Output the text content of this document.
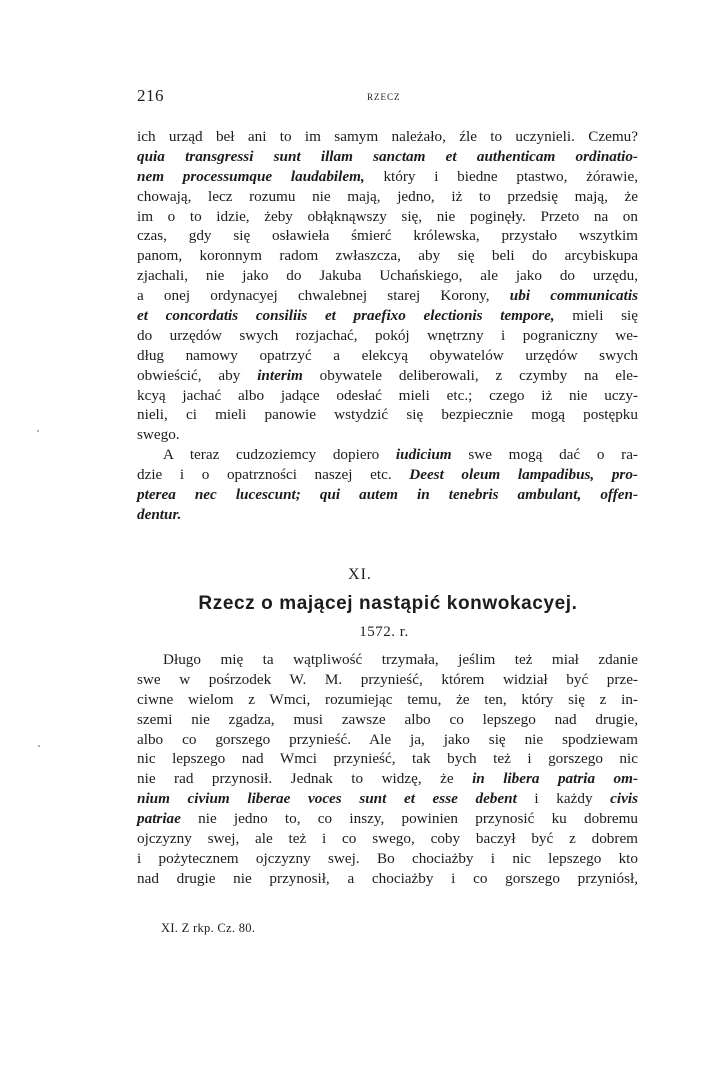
216	RZECZ
ich urząd beł ani to im samym należało, źle to uczynieli. Czemu?
quia transgressi sunt illam sanctam et authenticam ordinatio-
nem processumque laudabilem, który i biedne ptastwo, żórawie,
chowają, lecz rozumu nie mają, jedno, iż to przedsię mają, że
im o to idzie, żeby obłąknąwszy się, nie poginęły. Przeto na on
czas, gdy się osławieła śmierć królewska, przystało wszytkim
panom, koronnym radom zwłaszcza, aby się beli do arcybiskupa
zjachali, nie jako do Jakuba Uchańskiego, ale jako do urzędu,
a onej ordynacyej chwalebnej starej Korony, ubi communicatis
et concordatis consiliis et praefixo electionis tempore, mieli się
do urzędów swych rozjachać, pokój wnętrzny i pograniczny we-
dług namowy opatrzyć a elekcyą obywatelów urzędów swych
obwieścić, aby interim obywatele deliberowali, z czymby na ele-
kcyą jachać albo jadące odesłać mieli etc.; czego iż nie uczy-
nieli, ci mieli panowie wstydzić się bezpiecznie mogą postępku
swego.
A teraz cudzoziemcy dopiero iudicium swe mogą dać o ra-
dzie i o opatrzności naszej etc. Deest oleum lampadibus, pro-
pterea nec lucescunt; qui autem in tenebris ambulant, offen-
dentur.
XI.
Rzecz o mającej nastąpić konwokacyej.
1572. r.
Długo mię ta wątpliwość trzymała, jeślim też miał zdanie
swe w pośrzodek W. M. przynieść, którem widział być prze-
ciwne wielom z Wmci, rozumiejąc temu, że ten, który się z in-
szemi nie zgadza, musi zawsze albo co lepszego nad drugie,
albo co gorszego przynieść. Ale ja, jako się nie spodziewam
nic lepszego nad Wmci przynieść, tak bych też i gorszego nic
nie rad przynosił. Jednak to widzę, że in libera patria om-
nium civium liberae voces sunt et esse debent i każdy civis
patriae nie jedno to, co inszy, powinien przynosić ku dobremu
ojczyzny swej, ale też i co swego, coby baczył być z dobrem
i pożytecznem ojczyzny swej. Bo chociażby i nic lepszego kto
nad drugie nie przynosił, a chociażby i co gorszego przyniósł,
XI. Z rkp. Cz. 80.
